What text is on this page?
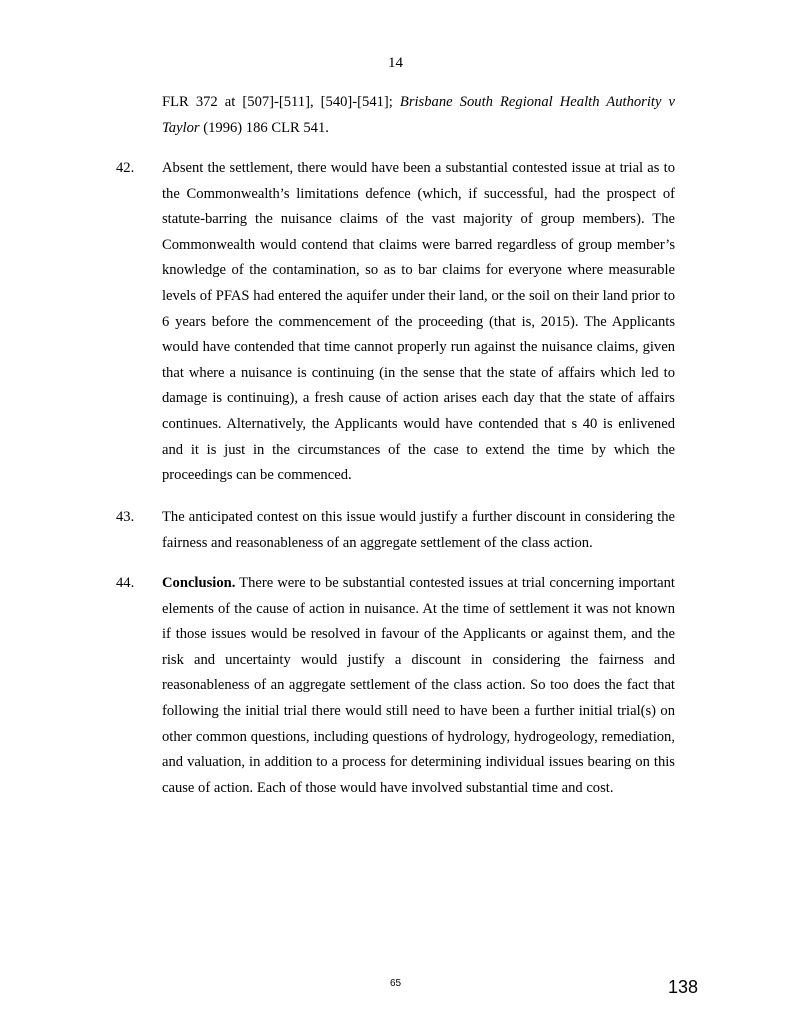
14
FLR 372 at [507]-[511], [540]-[541]; Brisbane South Regional Health Authority v Taylor (1996) 186 CLR 541.
42. Absent the settlement, there would have been a substantial contested issue at trial as to the Commonwealth’s limitations defence (which, if successful, had the prospect of statute-barring the nuisance claims of the vast majority of group members). The Commonwealth would contend that claims were barred regardless of group member’s knowledge of the contamination, so as to bar claims for everyone where measurable levels of PFAS had entered the aquifer under their land, or the soil on their land prior to 6 years before the commencement of the proceeding (that is, 2015). The Applicants would have contended that time cannot properly run against the nuisance claims, given that where a nuisance is continuing (in the sense that the state of affairs which led to damage is continuing), a fresh cause of action arises each day that the state of affairs continues. Alternatively, the Applicants would have contended that s 40 is enlivened and it is just in the circumstances of the case to extend the time by which the proceedings can be commenced.
43. The anticipated contest on this issue would justify a further discount in considering the fairness and reasonableness of an aggregate settlement of the class action.
44. Conclusion. There were to be substantial contested issues at trial concerning important elements of the cause of action in nuisance. At the time of settlement it was not known if those issues would be resolved in favour of the Applicants or against them, and the risk and uncertainty would justify a discount in considering the fairness and reasonableness of an aggregate settlement of the class action. So too does the fact that following the initial trial there would still need to have been a further initial trial(s) on other common questions, including questions of hydrology, hydrogeology, remediation, and valuation, in addition to a process for determining individual issues bearing on this cause of action. Each of those would have involved substantial time and cost.
65	138
